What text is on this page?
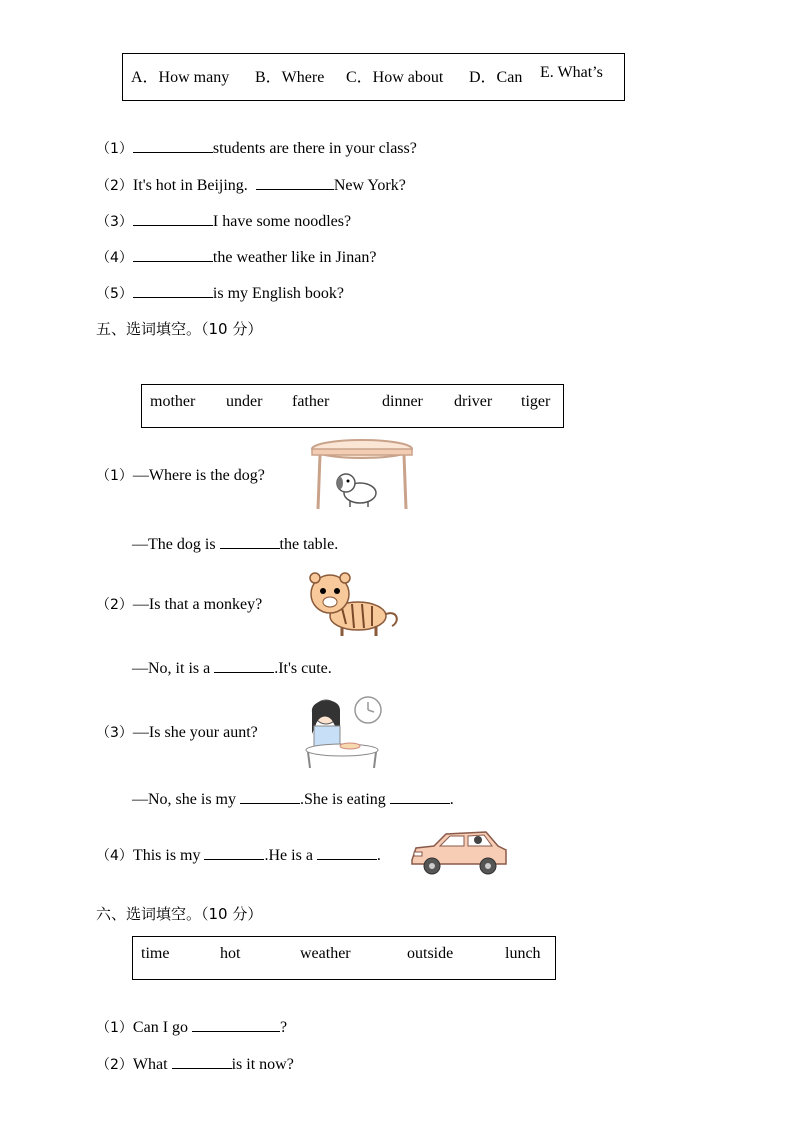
A．How many B．Where C．How about D．Can E. What’s
（1）	students are there in your class?
（2）It's hot in Beijing.	New York?
（3）	I have some noodles?
（4）	the weather like in Jinan?
（5）	is my English book?
五、选词填空。（10 分）
mother under father	dinner driver tiger
（1）—Where is the dog?
—The dog is	the table.
（2）—Is that a monkey?
—No, it is a	.It's cute.
（3）—Is she your aunt?
—No, she is my	.She is eating	.
（4）This is my	.He is a	.
六、选词填空。（10 分）
time	hot	weather	outside	lunch
（1）Can I go	?
（2）What	is it now?
